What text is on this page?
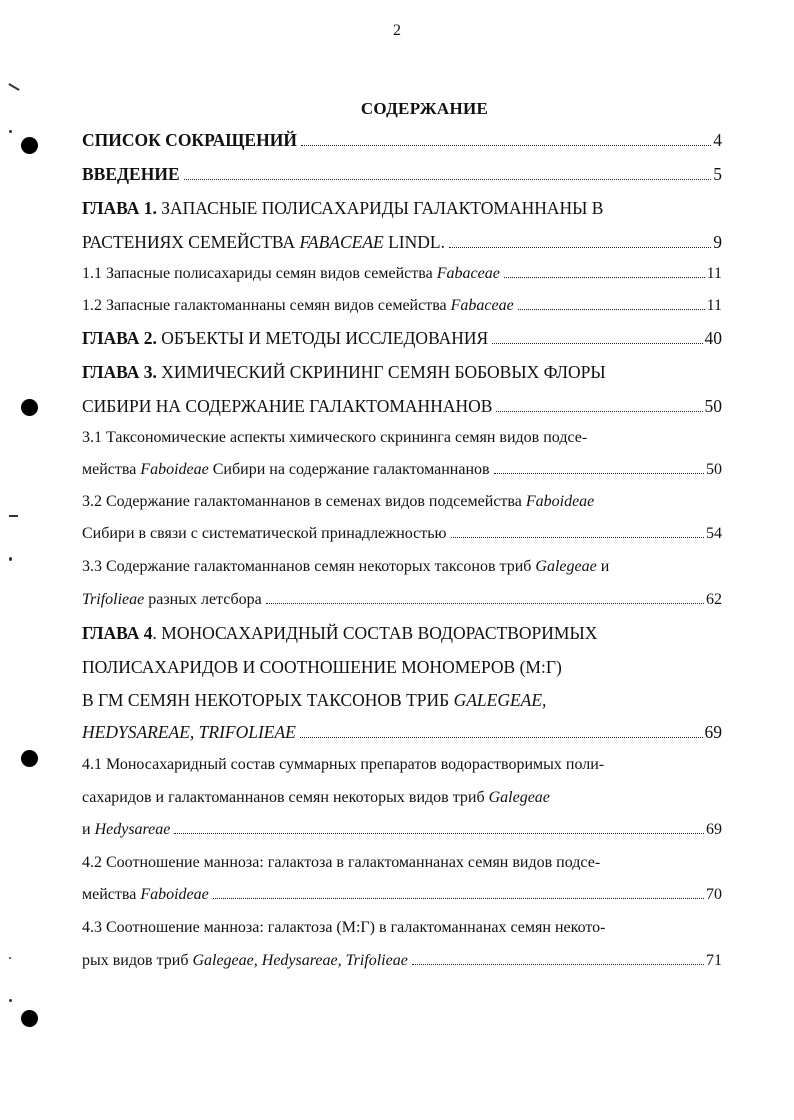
2
СОДЕРЖАНИЕ
СПИСОК СОКРАЩЕНИЙ	4
ВВЕДЕНИЕ	5
ГЛАВА 1. ЗАПАСНЫЕ ПОЛИСАХАРИДЫ ГАЛАКТОМАННАНЫ В
РАСТЕНИЯХ СЕМЕЙСТВА FABACEAE LINDL.	9
1.1 Запасные полисахариды семян видов семейства Fabaceae	11
1.2 Запасные галактоманнаны семян видов семейства Fabaceae	11
ГЛАВА 2. ОБЪЕКТЫ И МЕТОДЫ ИССЛЕДОВАНИЯ	40
ГЛАВА 3. ХИМИЧЕСКИЙ СКРИНИНГ СЕМЯН БОБОВЫХ ФЛОРЫ
СИБИРИ НА СОДЕРЖАНИЕ ГАЛАКТОМАННАНОВ	50
3.1 Таксономические аспекты химического скрининга семян видов подсе-
мейства Faboideae Сибири на содержание галактоманнанов	50
3.2 Содержание галактоманнанов в семенах видов подсемейства Faboideae
Сибири в связи с систематической принадлежностью	54
3.3 Содержание галактоманнанов семян некоторых таксонов триб Galegeae и
Trifolieae разных летсбора	62
ГЛАВА 4. МОНОСАХАРИДНЫЙ СОСТАВ ВОДОРАСТВОРИМЫХ
ПОЛИСАХАРИДОВ И СООТНОШЕНИЕ МОНОМЕРОВ (М:Г)
В ГМ СЕМЯН НЕКОТОРЫХ ТАКСОНОВ ТРИБ GALEGEAE,
HEDYSAREAE, TRIFOLIEAE	69
4.1 Моносахаридный состав суммарных препаратов водорастворимых поли-
сахаридов и галактоманнанов семян некоторых видов триб Galegeae
и Hedysareae	69
4.2 Соотношение манноза: галактоза в галактоманнанах семян видов подсе-
мейства Faboideae	70
4.3 Соотношение манноза: галактоза (М:Г) в галактоманнанах семян некото-
рых видов триб Galegeae, Hedysareae, Trifolieae	71
